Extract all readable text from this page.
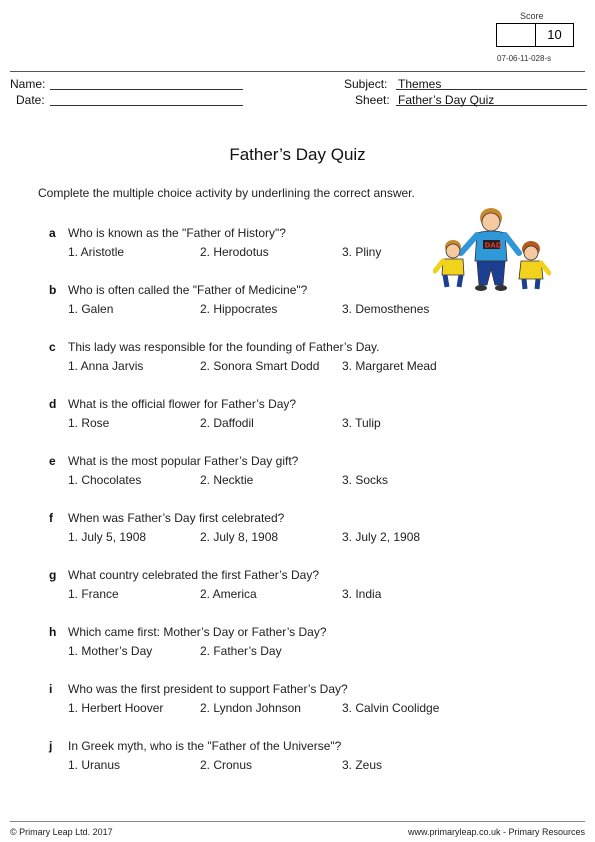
Score
10
07-06-11-028-s
Name:
Date:
Subject: Themes
Sheet: Father’s Day Quiz
Father’s Day Quiz
Complete the multiple choice activity by underlining the correct answer.
DAD
a Who is known as the "Father of History"?
1. Aristotle	2. Herodotus	3. Pliny
b Who is often called the "Father of Medicine"?
1. Galen	2. Hippocrates	3. Demosthenes
c This lady was responsible for the founding of Father’s Day.
1. Anna Jarvis	2. Sonora Smart Dodd 3. Margaret Mead
d What is the official flower for Father’s Day?
1. Rose	2. Daffodil	3. Tulip
e What is the most popular Father’s Day gift?
1. Chocolates	2. Necktie	3. Socks
f When was Father’s Day first celebrated?
1. July 5, 1908	2. July 8, 1908	3. July 2, 1908
g What country celebrated the first Father’s Day?
1. France	2. America	3. India
h Which came first: Mother’s Day or Father’s Day?
1. Mother’s Day	2. Father’s Day
i Who was the first president to support Father’s Day?
1. Herbert Hoover	2. Lyndon Johnson	3. Calvin Coolidge
j In Greek myth, who is the "Father of the Universe"?
1. Uranus	2. Cronus	3. Zeus
© Primary Leap Ltd. 2017	www.primaryleap.co.uk - Primary Resources
